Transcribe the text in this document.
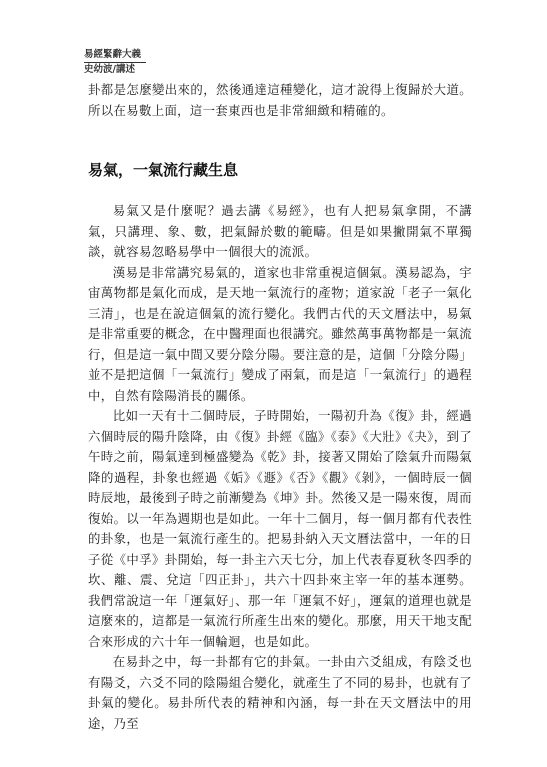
易經緊辭大義
史幼波/講述

卦都是怎麼變出來的，然後通達這種變化，這才說得上復歸於大道。所以在易數上面，這一套東西也是非常細緻和精確的。

易氣，一氣流行藏生息

易氣又是什麼呢？過去講《易經》，也有人把易氣拿開，不講氣，只講理、象、數，把氣歸於數的範疇。但是如果撇開氣不單獨談，就容易忽略易學中一個很大的流派。

漢易是非常講究易氣的，道家也非常重視這個氣。漢易認為，宇宙萬物都是氣化而成，是天地一氣流行的產物；道家說「老子一氣化三清」，也是在說這個氣的流行變化。我們古代的天文曆法中，易氣是非常重要的概念，在中醫理面也很講究。雖然萬事萬物都是一氣流行，但是這一氣中間又要分陰分陽。要注意的是，這個「分陰分陽」並不是把這個「一氣流行」變成了兩氣，而是這「一氣流行」的過程中，自然有陰陽消長的關係。

比如一天有十二個時辰，子時開始，一陽初升為《復》卦，經過六個時辰的陽升陰降，由《復》卦經《臨》《泰》《大壯》《夬》，到了午時之前，陽氣達到極盛變為《乾》卦，接著又開始了陰氣升而陽氣降的過程，卦象也經過《姤》《遯》《否》《觀》《剝》，一個時辰一個時辰地，最後到子時之前漸變為《坤》卦。然後又是一陽來復，周而復始。以一年為週期也是如此。一年十二個月，每一個月都有代表性的卦象，也是一氣流行產生的。把易卦納入天文曆法當中，一年的日子從《中孚》卦開始，每一卦主六天七分，加上代表春夏秋冬四季的坎、離、震、兌這「四正卦」，共六十四卦來主宰一年的基本運勢。我們常說這一年「運氣好」、那一年「運氣不好」，運氣的道理也就是這麼來的，這都是一氣流行所產生出來的變化。那麼，用天干地支配合來形成的六十年一個輪迴，也是如此。

在易卦之中，每一卦都有它的卦氣。一卦由六爻組成，有陰爻也有陽爻，六爻不同的陰陽組合變化，就產生了不同的易卦，也就有了卦氣的變化。易卦所代表的精神和內涵，每一卦在天文曆法中的用途，乃至
